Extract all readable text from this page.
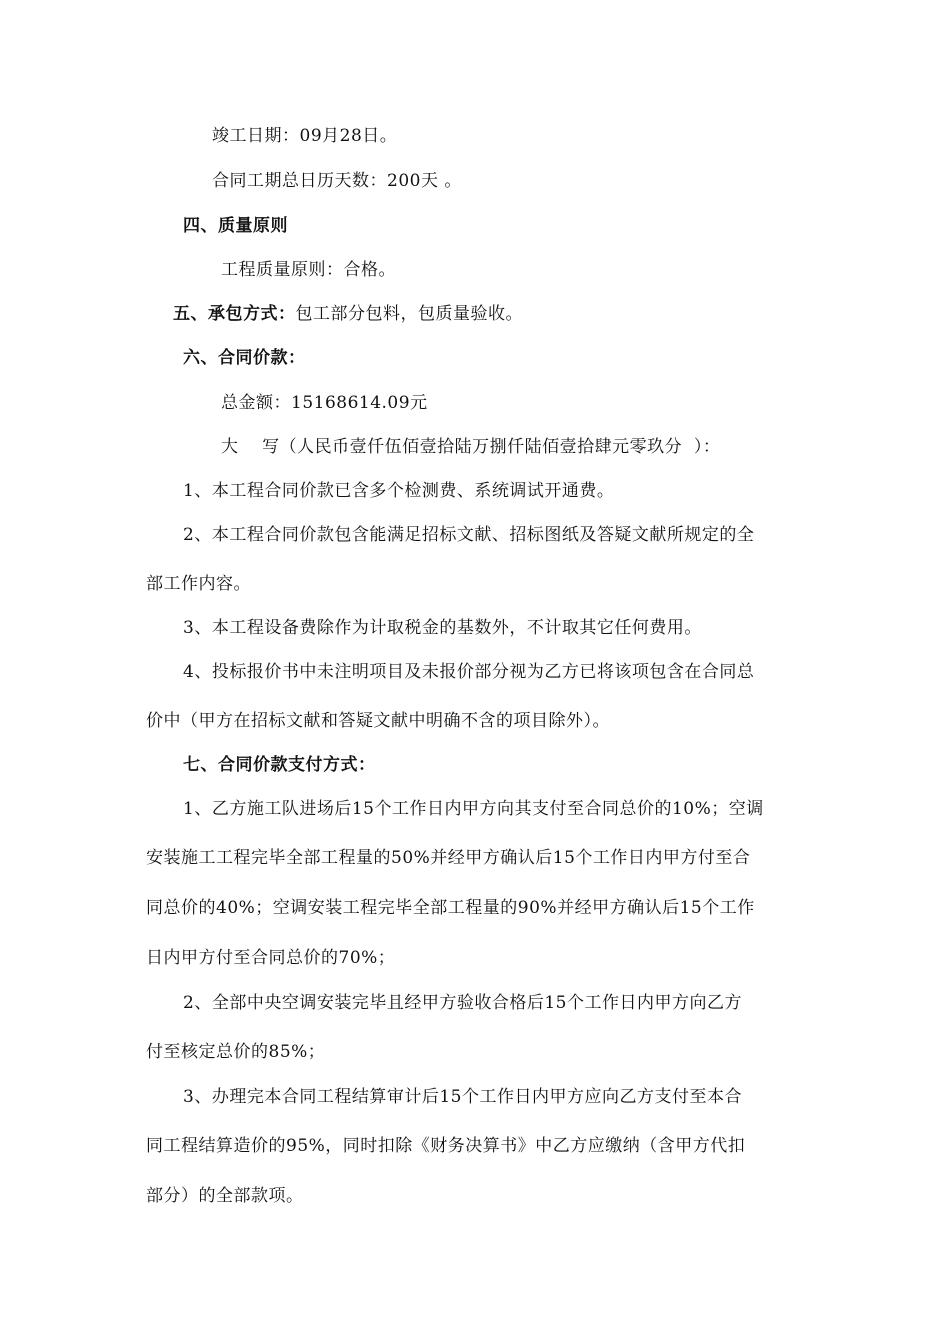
竣工日期：09月28日。
合同工期总日历天数：200天 。
四、质量原则
工程质量原则：合格。
五、承包方式：包工部分包料，包质量验收。
六、合同价款：
总金额：15168614.09元
大    写（人民币壹仟伍佰壹拾陆万捌仟陆佰壹拾肆元零玖分  ）：
1、本工程合同价款已含多个检测费、系统调试开通费。
2、本工程合同价款包含能满足招标文献、招标图纸及答疑文献所规定的全
部工作内容。
3、本工程设备费除作为计取税金的基数外，不计取其它任何费用。
4、投标报价书中未注明项目及未报价部分视为乙方已将该项包含在合同总
价中（甲方在招标文献和答疑文献中明确不含的项目除外）。
七、合同价款支付方式：
1、乙方施工队进场后15个工作日内甲方向其支付至合同总价的10%；空调
安装施工工程完毕全部工程量的50%并经甲方确认后15个工作日内甲方付至合
同总价的40%；空调安装工程完毕全部工程量的90%并经甲方确认后15个工作
日内甲方付至合同总价的70%；
2、全部中央空调安装完毕且经甲方验收合格后15个工作日内甲方向乙方
付至核定总价的85%；
3、办理完本合同工程结算审计后15个工作日内甲方应向乙方支付至本合
同工程结算造价的95%，同时扣除《财务决算书》中乙方应缴纳（含甲方代扣
部分）的全部款项。
